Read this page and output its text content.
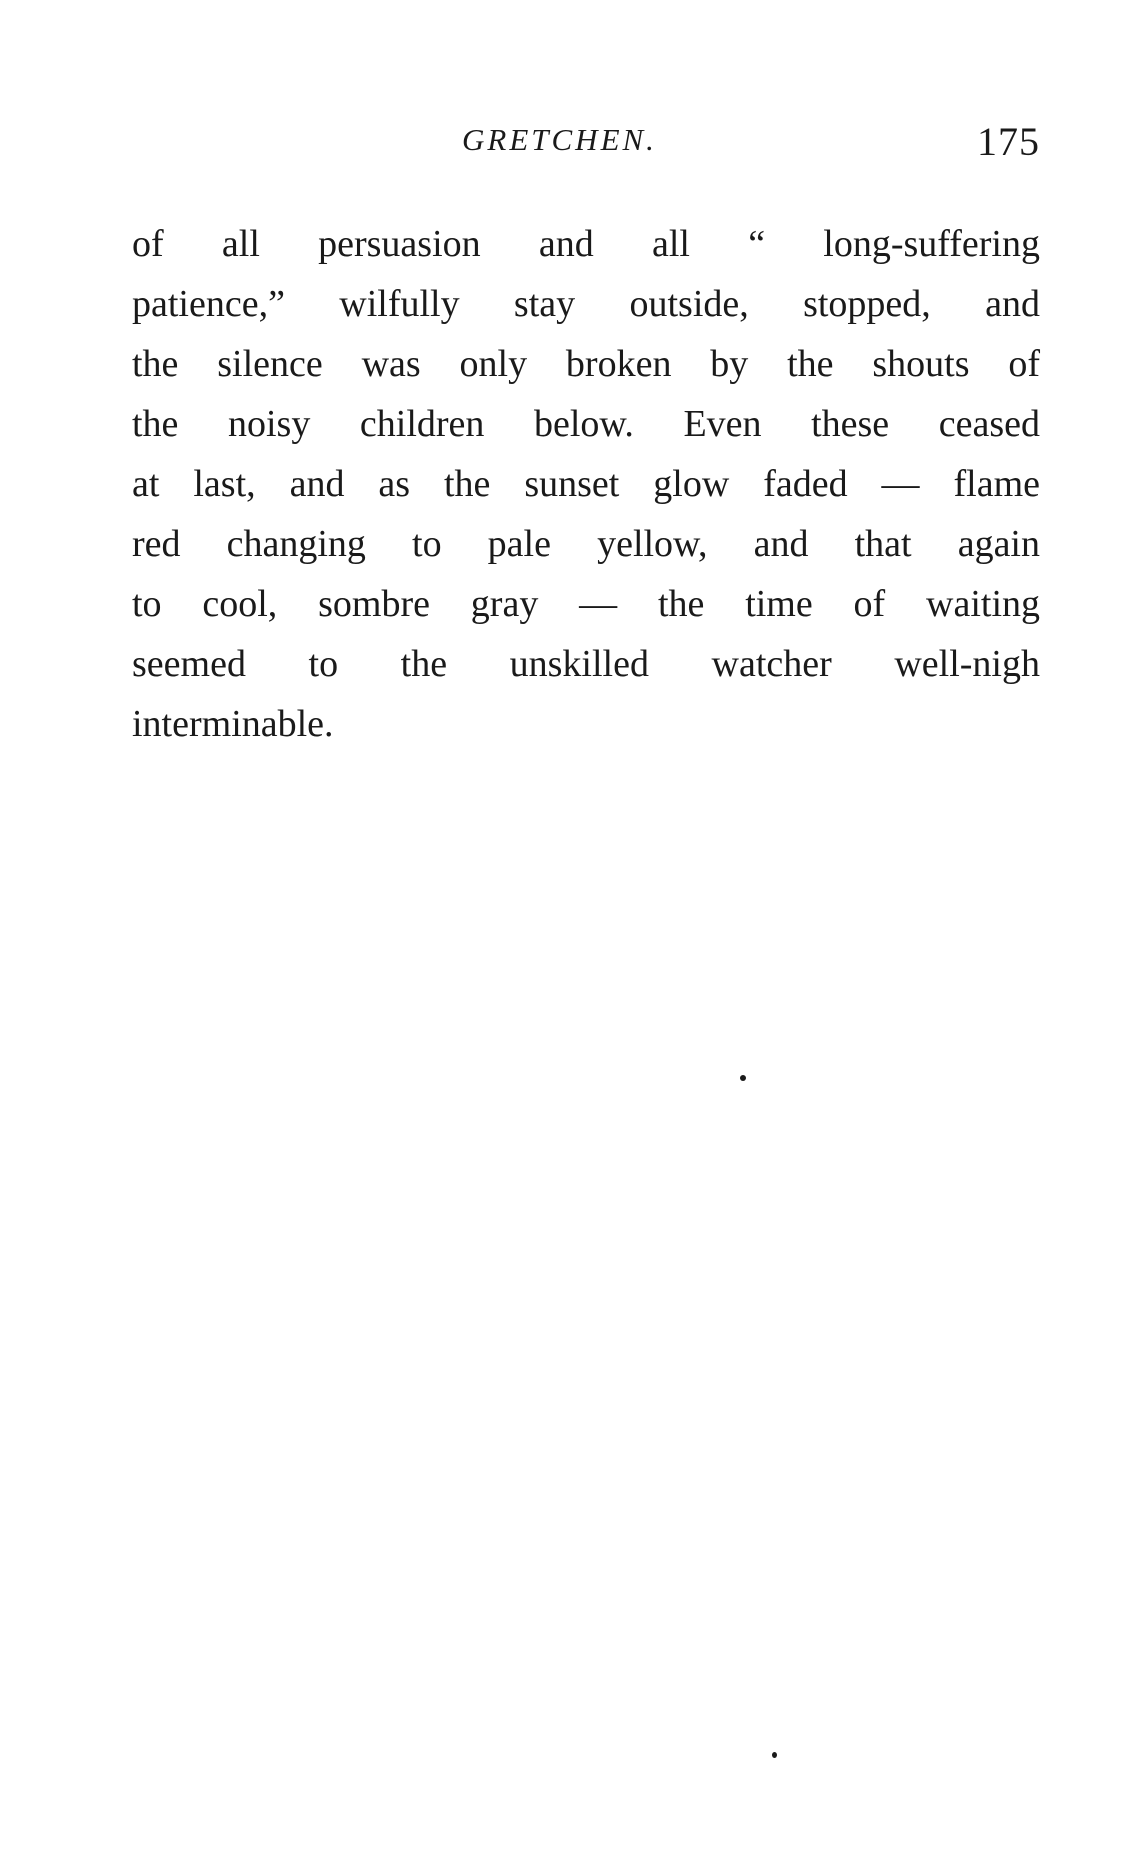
GRETCHEN.	175
of all persuasion and all “ long-suffering
patience,” wilfully stay outside, stopped, and
the silence was only broken by the shouts of
the noisy children below. Even these ceased
at last, and as the sunset glow faded — flame
red changing to pale yellow, and that again
to cool, sombre gray — the time of waiting
seemed to the unskilled watcher well-nigh
interminable.
